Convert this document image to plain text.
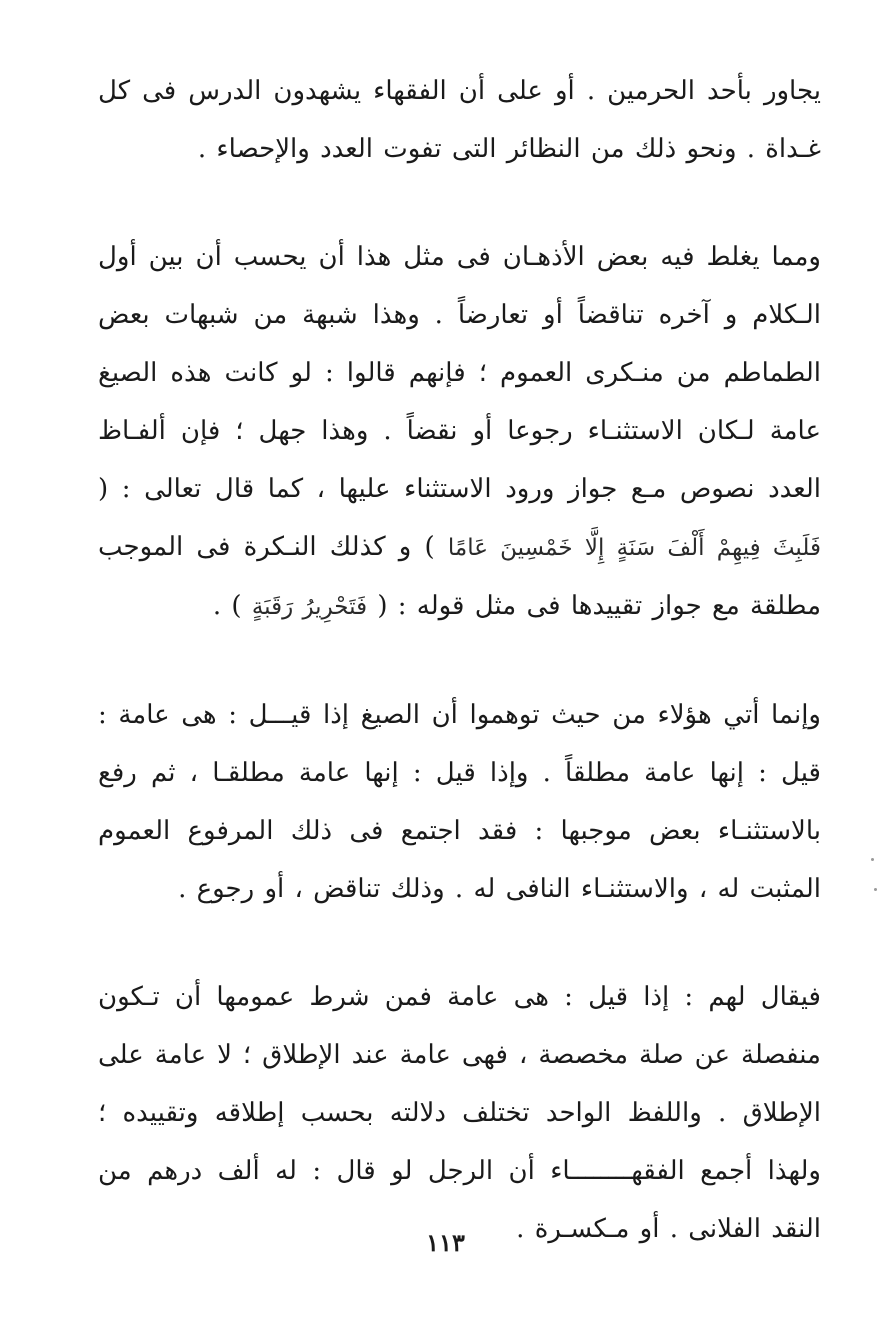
يجاور بأحد الحرمين . أو على أن الفقهاء يشهدون الدرس فى كل غـداة . ونحو ذلك من النظائر التى تفوت العدد والإحصاء .

ومما يغلط فيه بعض الأذهـان فى مثل هذا أن يحسب أن بين أول الـكلام و آخره تناقضاً أو تعارضاً . وهذا شبهة من شبهات بعض الطماطم من منـكرى العموم ؛ فإنهم قالوا : لو كانت هذه الصيغ عامة لـكان الاستثنـاء رجوعا أو نقضاً . وهذا جهل ؛ فإن ألفـاظ العدد نصوص مـع جواز ورود الاستثناء عليها ، كما قال تعالى : ( فَلَبِثَ فِيهِمْ أَلْفَ سَنَةٍ إِلَّا خَمْسِينَ عَامًا ) و كذلك النـكرة فى الموجب مطلقة مع جواز تقييدها فى مثل قوله : ( فَتَحْرِيرُ رَقَبَةٍ ) .

وإنما أتي هؤلاء من حيث توهموا أن الصيغ إذا قيـــل : هى عامة : قيل : إنها عامة مطلقاً . وإذا قيل : إنها عامة مطلقـا ، ثم رفع بالاستثنـاء بعض موجبها : فقد اجتمع فى ذلك المرفوع العموم المثبت له ، والاستثنـاء النافى له . وذلك تناقض ، أو رجوع .

فيقال لهم : إذا قيل : هى عامة فمن شرط عمومها أن تـكون منفصلة عن صلة مخصصة ، فهى عامة عند الإطلاق ؛ لا عامة على الإطلاق . واللفظ الواحد تختلف دلالته بحسب إطلاقه وتقييده ؛ ولهذا أجمع الفقهــــــــاء أن الرجل لو قال : له ألف درهم من النقد الفلانى . أو مـكسـرة .

١١٣
